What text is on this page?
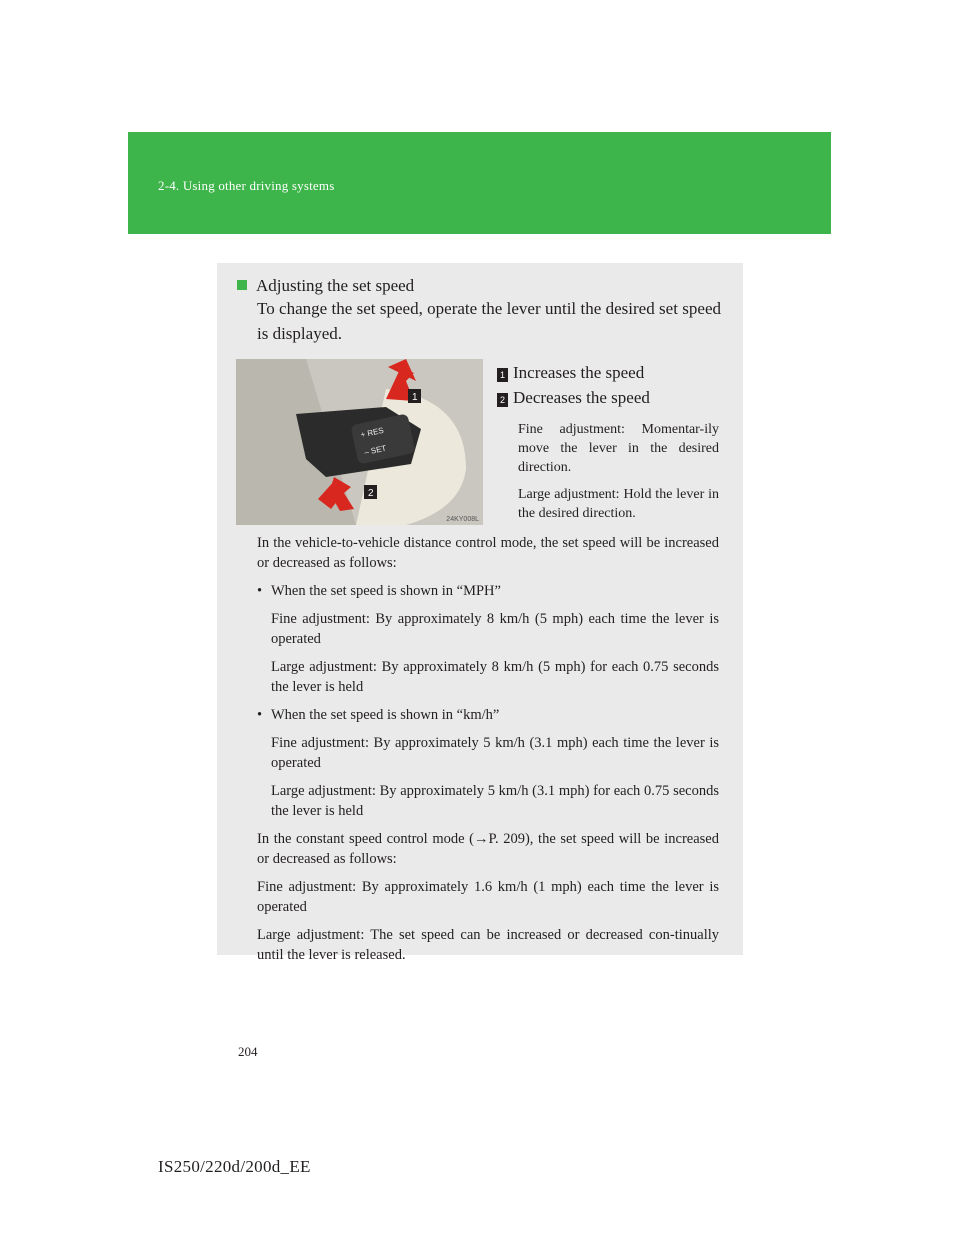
2-4. Using other driving systems
Adjusting the set speed
To change the set speed, operate the lever until the desired set speed is displayed.
+ RES
– SET
1
2
24KY008L
1 Increases the speed
2 Decreases the speed
Fine adjustment: Momentar-ily move the lever in the desired direction.
Large adjustment: Hold the lever in the desired direction.

In the vehicle-to-vehicle distance control mode, the set speed will be increased or decreased as follows:

• When the set speed is shown in “MPH”

Fine adjustment: By approximately 8 km/h (5 mph) each time the lever is operated

Large adjustment: By approximately 8 km/h (5 mph) for each 0.75 seconds the lever is held

• When the set speed is shown in “km/h”

Fine adjustment: By approximately 5 km/h (3.1 mph) each time the lever is operated

Large adjustment: By approximately 5 km/h (3.1 mph) for each 0.75 seconds the lever is held

In the constant speed control mode (→P. 209), the set speed will be increased or decreased as follows:

Fine adjustment: By approximately 1.6 km/h (1 mph) each time the lever is operated

Large adjustment: The set speed can be increased or decreased con-tinually until the lever is released.

204
IS250/220d/200d_EE
